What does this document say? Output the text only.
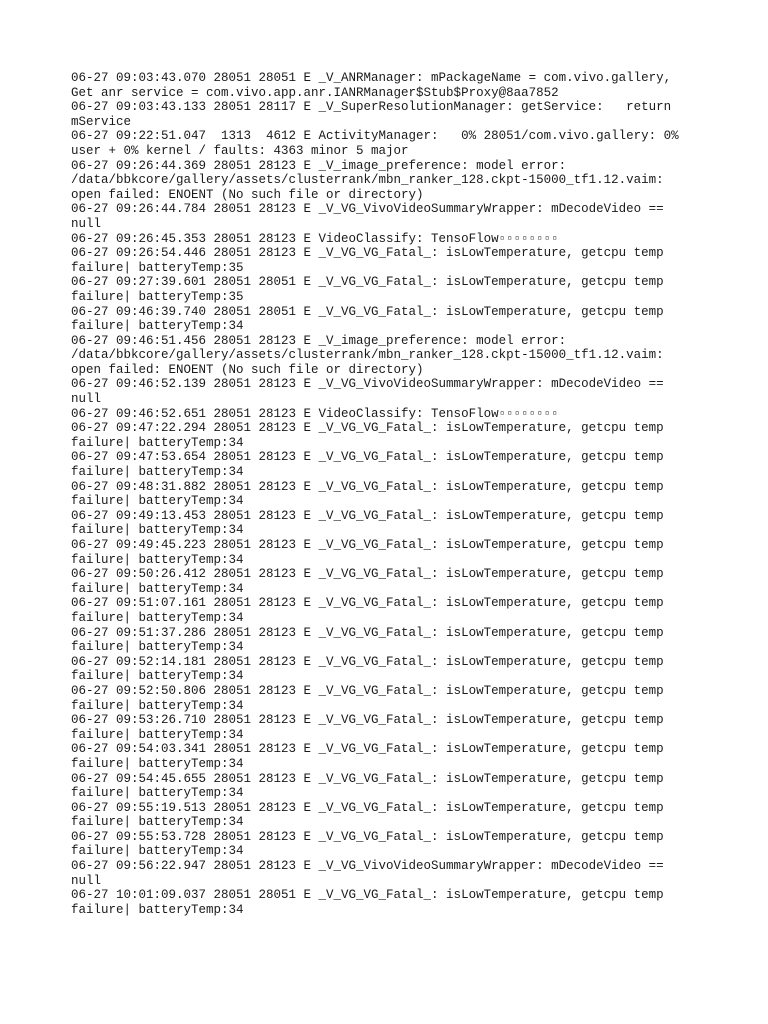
06-27 09:03:43.070 28051 28051 E _V_ANRManager: mPackageName = com.vivo.gallery,
Get anr service = com.vivo.app.anr.IANRManager$Stub$Proxy@8aa7852

06-27 09:03:43.133 28051 28117 E _V_SuperResolutionManager: getService:   return
mService

06-27 09:22:51.047  1313  4612 E ActivityManager:   0% 28051/com.vivo.gallery: 0%
user + 0% kernel / faults: 4363 minor 5 major

06-27 09:26:44.369 28051 28123 E _V_image_preference: model error:
/data/bbkcore/gallery/assets/clusterrank/mbn_ranker_128.ckpt-15000_tf1.12.vaim:
open failed: ENOENT (No such file or directory)

06-27 09:26:44.784 28051 28123 E _V_VG_VivoVideoSummaryWrapper: mDecodeVideo ==
null

06-27 09:26:45.353 28051 28123 E VideoClassify: TensoFlow▫▫▫▫▫▫▫▫

06-27 09:26:54.446 28051 28123 E _V_VG_VG_Fatal_: isLowTemperature, getcpu temp
failure| batteryTemp:35

06-27 09:27:39.601 28051 28051 E _V_VG_VG_Fatal_: isLowTemperature, getcpu temp
failure| batteryTemp:35

06-27 09:46:39.740 28051 28051 E _V_VG_VG_Fatal_: isLowTemperature, getcpu temp
failure| batteryTemp:34

06-27 09:46:51.456 28051 28123 E _V_image_preference: model error:
/data/bbkcore/gallery/assets/clusterrank/mbn_ranker_128.ckpt-15000_tf1.12.vaim:
open failed: ENOENT (No such file or directory)

06-27 09:46:52.139 28051 28123 E _V_VG_VivoVideoSummaryWrapper: mDecodeVideo ==
null

06-27 09:46:52.651 28051 28123 E VideoClassify: TensoFlow▫▫▫▫▫▫▫▫

06-27 09:47:22.294 28051 28123 E _V_VG_VG_Fatal_: isLowTemperature, getcpu temp
failure| batteryTemp:34

06-27 09:47:53.654 28051 28123 E _V_VG_VG_Fatal_: isLowTemperature, getcpu temp
failure| batteryTemp:34

06-27 09:48:31.882 28051 28123 E _V_VG_VG_Fatal_: isLowTemperature, getcpu temp
failure| batteryTemp:34

06-27 09:49:13.453 28051 28123 E _V_VG_VG_Fatal_: isLowTemperature, getcpu temp
failure| batteryTemp:34

06-27 09:49:45.223 28051 28123 E _V_VG_VG_Fatal_: isLowTemperature, getcpu temp
failure| batteryTemp:34

06-27 09:50:26.412 28051 28123 E _V_VG_VG_Fatal_: isLowTemperature, getcpu temp
failure| batteryTemp:34

06-27 09:51:07.161 28051 28123 E _V_VG_VG_Fatal_: isLowTemperature, getcpu temp
failure| batteryTemp:34

06-27 09:51:37.286 28051 28123 E _V_VG_VG_Fatal_: isLowTemperature, getcpu temp
failure| batteryTemp:34

06-27 09:52:14.181 28051 28123 E _V_VG_VG_Fatal_: isLowTemperature, getcpu temp
failure| batteryTemp:34

06-27 09:52:50.806 28051 28123 E _V_VG_VG_Fatal_: isLowTemperature, getcpu temp
failure| batteryTemp:34

06-27 09:53:26.710 28051 28123 E _V_VG_VG_Fatal_: isLowTemperature, getcpu temp
failure| batteryTemp:34

06-27 09:54:03.341 28051 28123 E _V_VG_VG_Fatal_: isLowTemperature, getcpu temp
failure| batteryTemp:34

06-27 09:54:45.655 28051 28123 E _V_VG_VG_Fatal_: isLowTemperature, getcpu temp
failure| batteryTemp:34

06-27 09:55:19.513 28051 28123 E _V_VG_VG_Fatal_: isLowTemperature, getcpu temp
failure| batteryTemp:34

06-27 09:55:53.728 28051 28123 E _V_VG_VG_Fatal_: isLowTemperature, getcpu temp
failure| batteryTemp:34

06-27 09:56:22.947 28051 28123 E _V_VG_VivoVideoSummaryWrapper: mDecodeVideo ==
null

06-27 10:01:09.037 28051 28051 E _V_VG_VG_Fatal_: isLowTemperature, getcpu temp
failure| batteryTemp:34
